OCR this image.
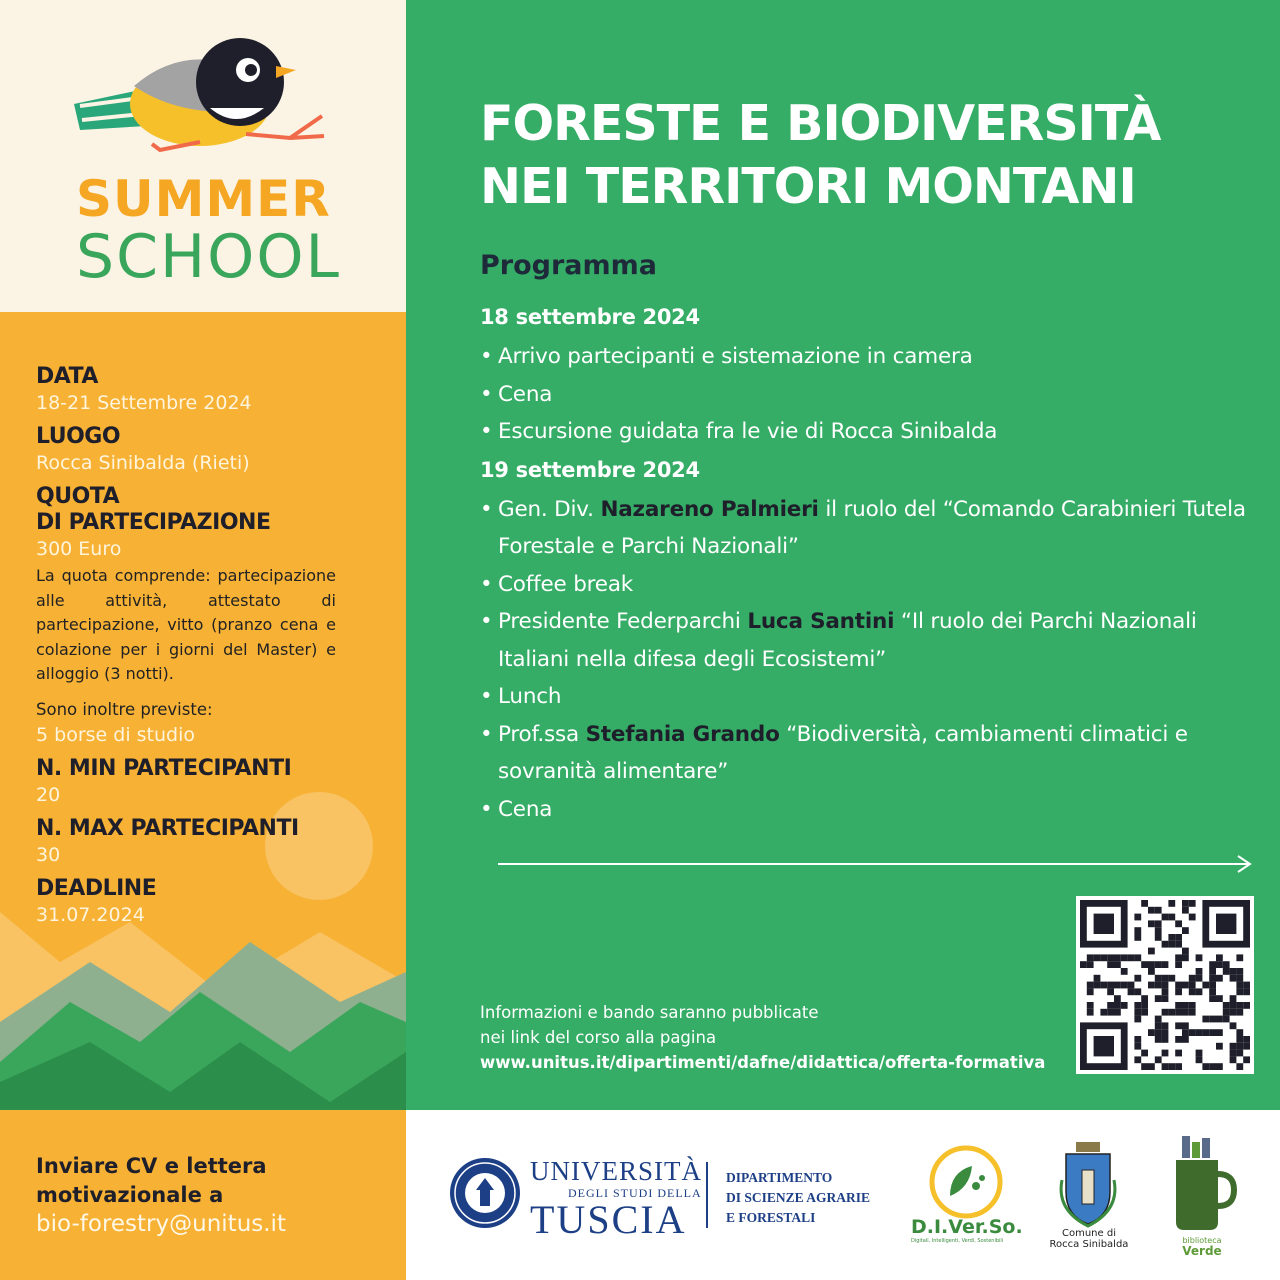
SUMMER
SCHOOL
DATA
18-21 Settembre 2024
LUOGO
Rocca Sinibalda (Rieti)
QUOTA
DI PARTECIPAZIONE
300 Euro
La quota comprende: partecipazione alle attività, attestato di partecipazione, vitto (pranzo cena e colazione per i giorni del Master) e alloggio (3 notti).
Sono inoltre previste:
5 borse di studio
N. MIN PARTECIPANTI
20
N. MAX PARTECIPANTI
30
DEADLINE
31.07.2024
Inviare CV e lettera
motivazionale a
bio-forestry@unitus.it
FORESTE E BIODIVERSITÀ
NEI TERRITORI MONTANI
Programma
18 settembre 2024
• Arrivo partecipanti e sistemazione in camera
• Cena
• Escursione guidata fra le vie di Rocca Sinibalda
19 settembre 2024
• Gen. Div. Nazareno Palmieri il ruolo del “Comando Carabinieri Tutela Forestale e Parchi Nazionali”
• Coffee break
• Presidente Federparchi Luca Santini “Il ruolo dei Parchi Nazionali Italiani nella difesa degli Ecosistemi”
• Lunch
• Prof.ssa Stefania Grando “Biodiversità, cambiamenti climatici e sovranità alimentare”
• Cena
Informazioni e bando saranno pubblicate
nei link del corso alla pagina
www.unitus.it/dipartimenti/dafne/didattica/offerta-formativa
UNIVERSITÀ
DEGLI STUDI DELLA
TUSCIA
DIPARTIMENTO
DI SCIENZE AGRARIE
E FORESTALI	D.I.Ver.So.
Digitali, Intelligenti, Verdi, Sostenibili
Comune di
Rocca Sinibalda	biblioteca
Verde
